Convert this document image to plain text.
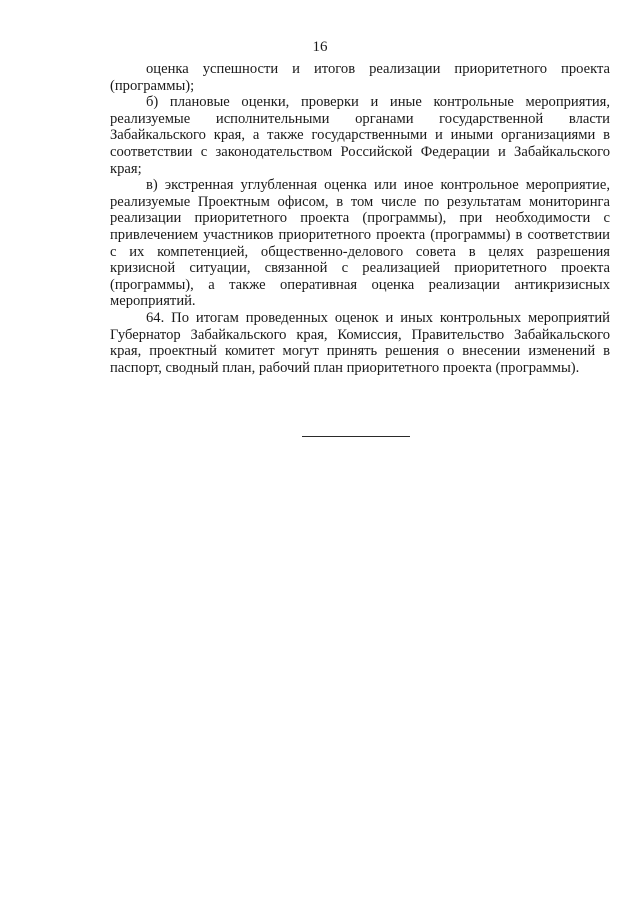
16

оценка успешности и итогов реализации приоритетного проекта (программы);

б) плановые оценки, проверки и иные контрольные мероприятия, реализуемые исполнительными органами государственной власти Забайкальского края, а также государственными и иными организациями в соответствии с законодательством Российской Федерации и Забайкальского края;

в) экстренная углубленная оценка или иное контрольное мероприятие, реализуемые Проектным офисом, в том числе по результатам мониторинга реализации приоритетного проекта (программы), при необходимости с привлечением участников приоритетного проекта (программы) в соответствии с их компетенцией, общественно-делового совета в целях разрешения кризисной ситуации, связанной с реализацией приоритетного проекта (программы), а также оперативная оценка реализации антикризисных мероприятий.

64. По итогам проведенных оценок и иных контрольных мероприятий Губернатор Забайкальского края, Комиссия, Правительство Забайкальского края, проектный комитет могут принять решения о внесении изменений в паспорт, сводный план, рабочий план приоритетного проекта (программы).
